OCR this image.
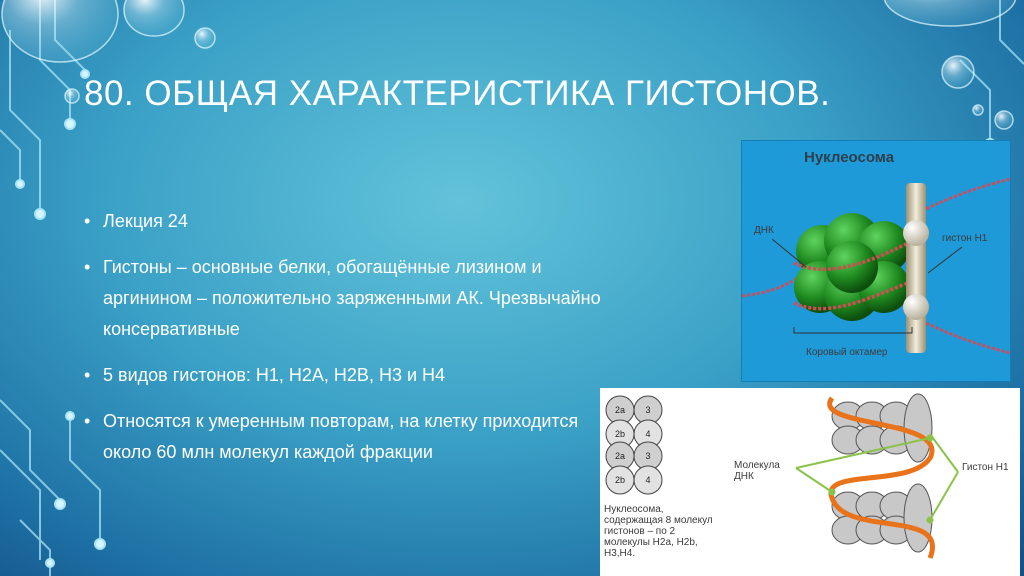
80. ОБЩАЯ ХАРАКТЕРИСТИКА ГИСТОНОВ.
• Лекция 24
• Гистоны – основные белки, обогащённые лизином и аргинином – положительно заряженными АК. Чрезвычайно консервативные
• 5 видов гистонов: H1, H2A, H2B, H3 и H4
• Относятся к умеренным повторам, на клетку приходится около 60 млн молекул каждой фракции
Нуклеосома
ДНК
гистон Н1
Коровый октамер
2a 3
2b 4
2a 3
2b 4
Молекула ДНК
Гистон Н1
Нуклеосома, содержащая 8 молекул гистонов – по 2 молекулы H2a, H2b, H3,H4.
